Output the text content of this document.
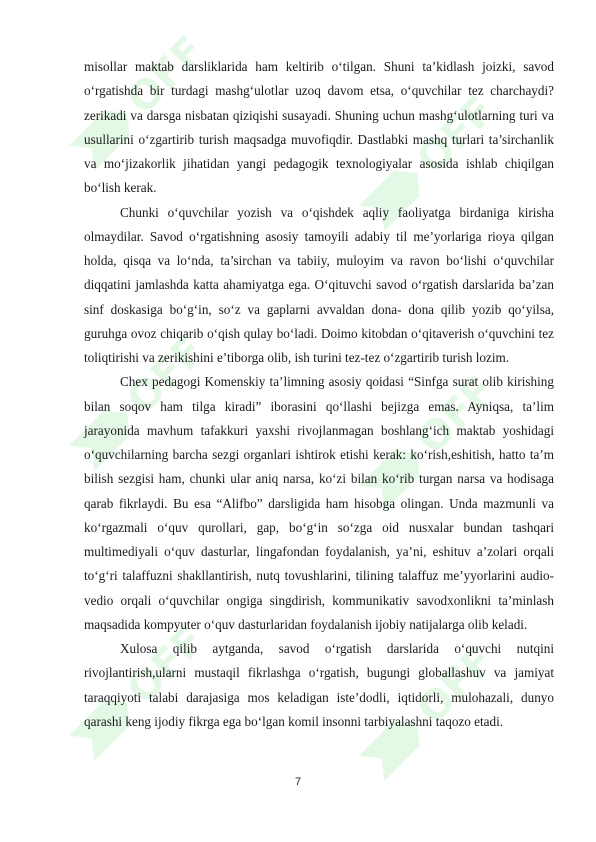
OFF
OFF
OFF	OFF
OFF	OFF

misollar maktab darsliklarida ham keltirib o‘tilgan. Shuni ta’kidlash joizki, savod o‘rgatishda bir turdagi mashg‘ulotlar uzoq davom etsa, o‘quvchilar tez charchaydi? zerikadi va darsga nisbatan qiziqishi susayadi. Shuning uchun mashg‘ulotlarning turi va usullarini o‘zgartirib turish maqsadga muvofiqdir. Dastlabki mashq turlari ta’sirchanlik va mo‘jizakorlik jihatidan yangi pedagogik texnologiyalar asosida ishlab chiqilgan bo‘lish kerak.

Chunki o‘quvchilar yozish va o‘qishdek aqliy faoliyatga birdaniga kirisha olmaydilar. Savod o‘rgatishning asosiy tamoyili adabiy til me’yorlariga rioya qilgan holda, qisqa va lo‘nda, ta’sirchan va tabiiy, muloyim va ravon bo‘lishi o‘quvchilar diqqatini jamlashda katta ahamiyatga ega. O‘qituvchi savod o‘rgatish darslarida ba’zan sinf doskasiga bo‘g‘in, so‘z va gaplarni avvaldan dona- dona qilib yozib qo‘yilsa, guruhga ovoz chiqarib o‘qish qulay bo‘ladi. Doimo kitobdan o‘qitaverish o‘quvchini tez toliqtirishi va zerikishini e’tiborga olib, ish turini tez-tez o‘zgartirib turish lozim.

Chex pedagogi Komenskiy ta’limning asosiy qoidasi “Sinfga surat olib kirishing bilan soqov ham tilga kiradi” iborasini qo‘llashi bejizga emas. Ayniqsa, ta’lim jarayonida mavhum tafakkuri yaxshi rivojlanmagan boshlang‘ich maktab yoshidagi o‘quvchilarning barcha sezgi organlari ishtirok etishi kerak: ko‘rish,eshitish, hatto ta’m bilish sezgisi ham, chunki ular aniq narsa, ko‘zi bilan ko‘rib turgan narsa va hodisaga qarab fikrlaydi. Bu esa “Alifbo” darsligida ham hisobga olingan. Unda mazmunli va ko‘rgazmali o‘quv qurollari, gap, bo‘g‘in so‘zga oid nusxalar bundan tashqari multimediyali o‘quv dasturlar, lingafondan foydalanish, ya’ni, eshituv a’zolari orqali to‘g‘ri talaffuzni shakllantirish, nutq tovushlarini, tilining talaffuz me’yyorlarini audio-vedio orqali o‘quvchilar ongiga singdirish, kommunikativ savodxonlikni ta’minlash maqsadida kompyuter o‘quv dasturlaridan foydalanish ijobiy natijalarga olib keladi.

Xulosa qilib aytganda, savod o‘rgatish darslarida o‘quvchi nutqini rivojlantirish,ularni mustaqil fikrlashga o‘rgatish, bugungi globallashuv va jamiyat taraqqiyoti talabi darajasiga mos keladigan iste’dodli, iqtidorli, mulohazali, dunyo qarashi keng ijodiy fikrga ega bo‘lgan komil insonni tarbiyalashni taqozo etadi.

7
